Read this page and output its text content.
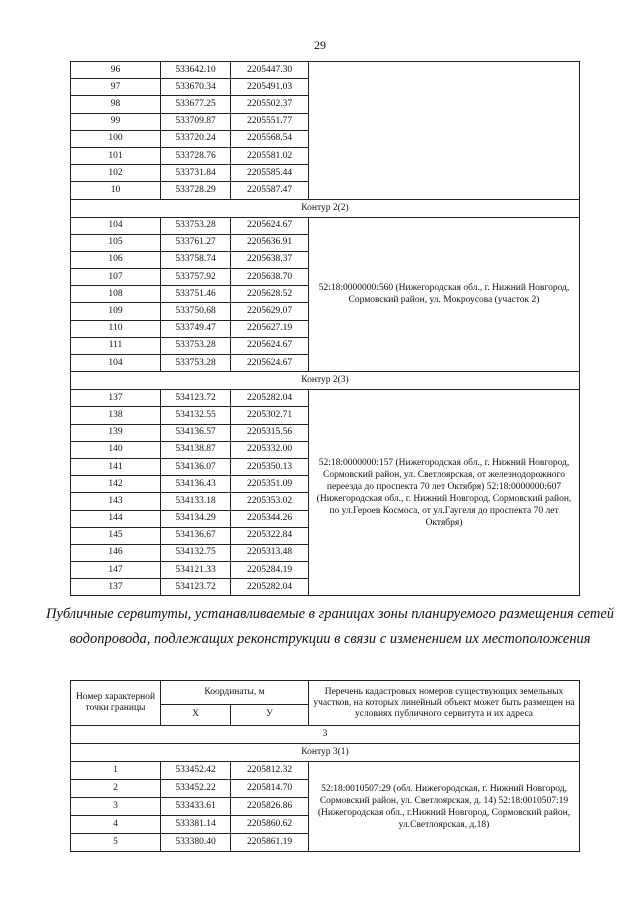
29
96	533642.10	2205447.30	
97	533670.34	2205491.03	
98	533677.25	2205502.37	
99	533709.87	2205551.77	
100	533720.24	2205568.54	
101	533728.76	2205581.02	
102	533731.84	2205585.44	
10	533728.29	2205587.47	
Контур 2(2)			
104	533753.28	2205624.67	52:18:0000000:560 (Нижегородская обл., г. Нижний Новгород, Сормовский район, ул. Мокроусова (участок 2)
105	533761.27	2205636.91	
106	533758.74	2205638.37	
107	533757.92	2205638.70	
108	533751.46	2205628.52	
109	533750.68	2205629.07	
110	533749.47	2205627.19	
111	533753.28	2205624.67	
104	533753.28	2205624.67	
Контур 2(3)			
137	534123.72	2205282.04	52:18:0000000:157 (Нижегородская обл., г. Нижний Новгород, Сормовский район, ул. Светлоярская, от железнодорожного переезда до проспекта 70 лет Октября) 52:18:0000000:607 (Нижегородская обл., г. Нижний Новгород, Сормовский район, по ул.Героев Космоса, от ул.Гаугеля до проспекта 70 лет Октября)
138	534132.55	2205302.71	
139	534136.57	2205315.56	
140	534138.87	2205332.00	
141	534136.07	2205350.13	
142	534136.43	2205351.09	
143	534133.18	2205353.02	
144	534134.29	2205344.26	
145	534136.67	2205322.84	
146	534132.75	2205313.48	
147	534121.33	2205284.19	
137	534123.72	2205282.04	
Публичные сервитуты, устанавливаемые в границах зоны планируемого размещения сетей водопровода, подлежащих реконструкции в связи с изменением их местоположения
Номер характерной точки границы	Координаты, м		Перечень кадастровых номеров существующих земельных участков, на которых линейный объект может быть размещен на условиях публичного сервитута и их адреса
	X	У	
3			
Контур 3(1)			
1	533452.42	2205812.32	52:18:0010507:29 (обл. Нижегородская, г. Нижний Новгород, Сормовский район, ул. Светлоярская, д. 14) 52:18:0010507:19 (Нижегородская обл., г.Нижний Новгород, Сормовский район, ул.Светлоярская, д.18)
2	533452.22	2205814.70	
3	533433.61	2205826.86	
4	533381.14	2205860.62	
5	533380.40	2205861.19	
